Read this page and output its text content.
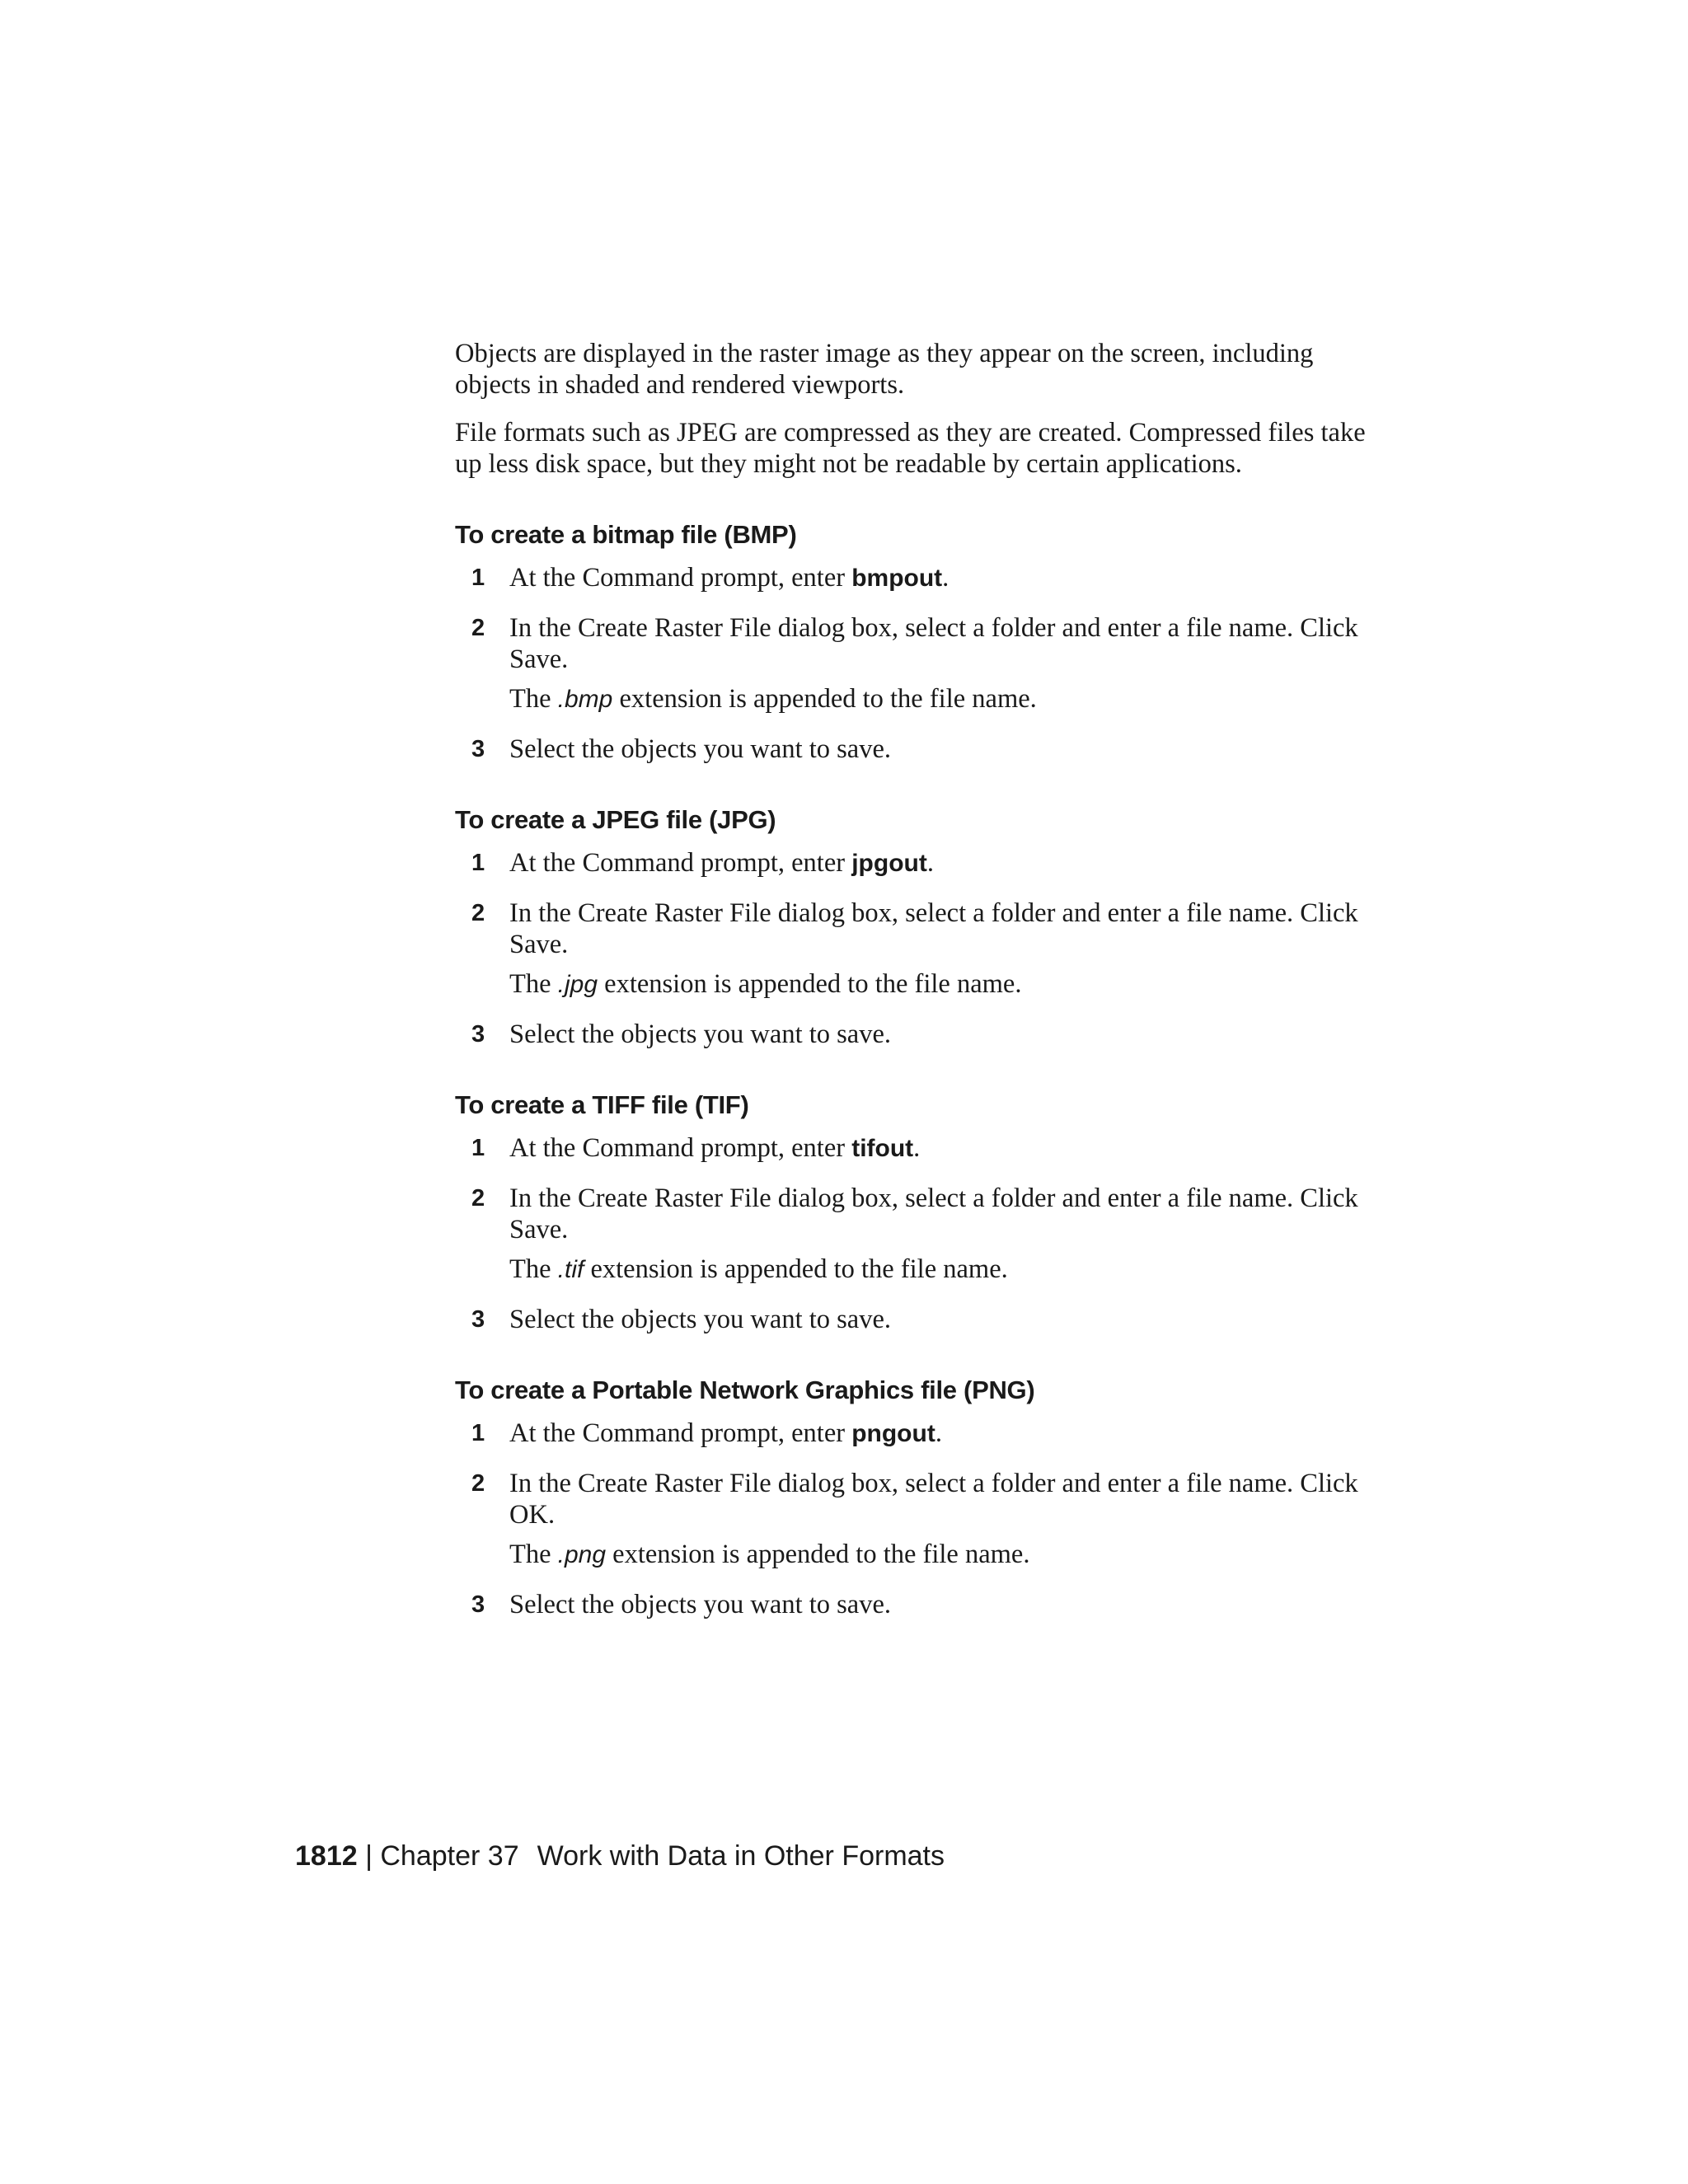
Objects are displayed in the raster image as they appear on the screen, including objects in shaded and rendered viewports.

File formats such as JPEG are compressed as they are created. Compressed files take up less disk space, but they might not be readable by certain applications.

To create a bitmap file (BMP)
1 At the Command prompt, enter bmpout.
2 In the Create Raster File dialog box, select a folder and enter a file name. Click Save.
The .bmp extension is appended to the file name.
3 Select the objects you want to save.
To create a JPEG file (JPG)
1 At the Command prompt, enter jpgout.
2 In the Create Raster File dialog box, select a folder and enter a file name. Click Save.
The .jpg extension is appended to the file name.
3 Select the objects you want to save.
To create a TIFF file (TIF)
1 At the Command prompt, enter tifout.
2 In the Create Raster File dialog box, select a folder and enter a file name. Click Save.
The .tif extension is appended to the file name.
3 Select the objects you want to save.
To create a Portable Network Graphics file (PNG)
1 At the Command prompt, enter pngout.
2 In the Create Raster File dialog box, select a folder and enter a file name. Click OK.
The .png extension is appended to the file name.
3 Select the objects you want to save.
1812 | Chapter 37 Work with Data in Other Formats
